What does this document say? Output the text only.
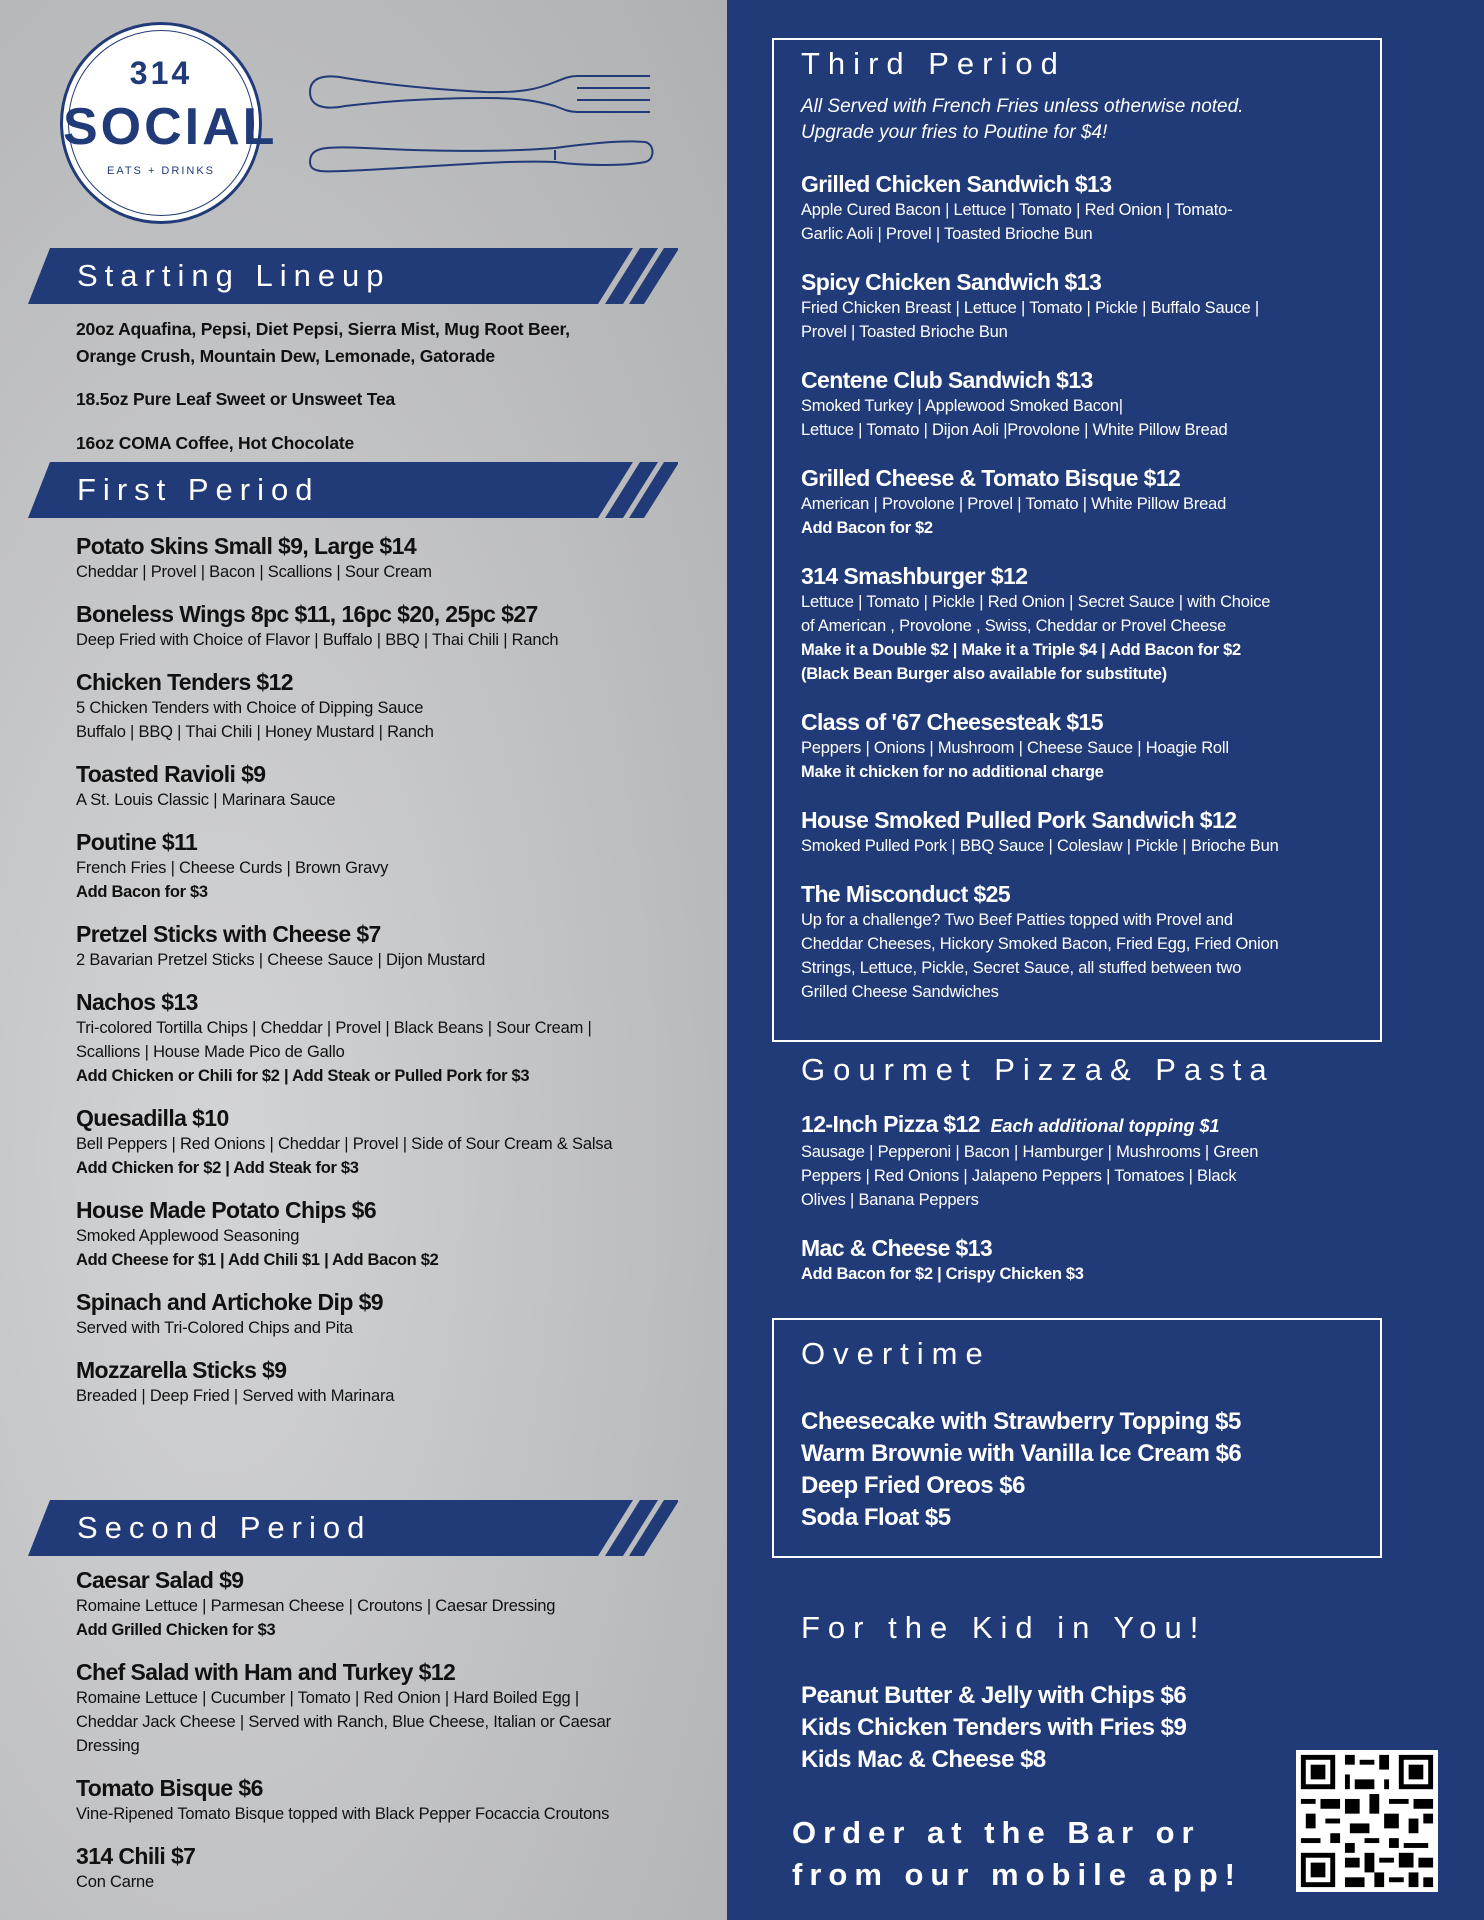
314
SOCIAL
EATS + DRINKS
Starting Lineup
20oz Aquafina, Pepsi, Diet Pepsi, Sierra Mist, Mug Root Beer,
Orange Crush, Mountain Dew, Lemonade, Gatorade
18.5oz Pure Leaf Sweet or Unsweet Tea
16oz COMA Coffee, Hot Chocolate
First Period
Potato Skins Small $9, Large $14
Cheddar | Provel | Bacon | Scallions | Sour Cream
Boneless Wings 8pc $11, 16pc $20, 25pc $27
Deep Fried with Choice of Flavor | Buffalo | BBQ | Thai Chili | Ranch
Chicken Tenders $12
5 Chicken Tenders with Choice of Dipping Sauce
Buffalo | BBQ | Thai Chili | Honey Mustard | Ranch
Toasted Ravioli $9
A St. Louis Classic | Marinara Sauce
Poutine $11
French Fries | Cheese Curds | Brown Gravy
Add Bacon for $3
Pretzel Sticks with Cheese $7
2 Bavarian Pretzel Sticks | Cheese Sauce | Dijon Mustard
Nachos $13
Tri-colored Tortilla Chips | Cheddar | Provel | Black Beans | Sour Cream |
Scallions | House Made Pico de Gallo
Add Chicken or Chili for $2 | Add Steak or Pulled Pork for $3
Quesadilla $10
Bell Peppers | Red Onions | Cheddar | Provel | Side of Sour Cream & Salsa
Add Chicken for $2 | Add Steak for $3
House Made Potato Chips $6
Smoked Applewood Seasoning
Add Cheese for $1 | Add Chili $1 | Add Bacon $2
Spinach and Artichoke Dip $9
Served with Tri-Colored Chips and Pita
Mozzarella Sticks $9
Breaded | Deep Fried | Served with Marinara
Second Period
Caesar Salad $9
Romaine Lettuce | Parmesan Cheese | Croutons | Caesar Dressing
Add Grilled Chicken for $3
Chef Salad with Ham and Turkey $12
Romaine Lettuce | Cucumber | Tomato | Red Onion | Hard Boiled Egg |
Cheddar Jack Cheese | Served with Ranch, Blue Cheese, Italian or Caesar
Dressing
Tomato Bisque $6
Vine-Ripened Tomato Bisque topped with Black Pepper Focaccia Croutons
314 Chili $7
Con Carne
Third Period
All Served with French Fries unless otherwise noted.
Upgrade your fries to Poutine for $4!
Grilled Chicken Sandwich $13
Apple Cured Bacon | Lettuce | Tomato | Red Onion | Tomato-
Garlic Aoli | Provel | Toasted Brioche Bun
Spicy Chicken Sandwich $13
Fried Chicken Breast | Lettuce | Tomato | Pickle | Buffalo Sauce |
Provel | Toasted Brioche Bun
Centene Club Sandwich $13
Smoked Turkey | Applewood Smoked Bacon|
Lettuce | Tomato | Dijon Aoli |Provolone | White Pillow Bread
Grilled Cheese & Tomato Bisque $12
American | Provolone | Provel | Tomato | White Pillow Bread
Add Bacon for $2
314 Smashburger $12
Lettuce | Tomato | Pickle | Red Onion | Secret Sauce | with Choice
of American , Provolone , Swiss, Cheddar or Provel Cheese
Make it a Double $2 | Make it a Triple $4 | Add Bacon for $2
(Black Bean Burger also available for substitute)
Class of '67 Cheesesteak $15
Peppers | Onions | Mushroom | Cheese Sauce | Hoagie Roll
Make it chicken for no additional charge
House Smoked Pulled Pork Sandwich $12
Smoked Pulled Pork | BBQ Sauce | Coleslaw | Pickle | Brioche Bun
The Misconduct $25
Up for a challenge? Two Beef Patties topped with Provel and
Cheddar Cheeses, Hickory Smoked Bacon, Fried Egg, Fried Onion
Strings, Lettuce, Pickle, Secret Sauce, all stuffed between two
Grilled Cheese Sandwiches
Gourmet Pizza& Pasta
12-Inch Pizza $12 Each additional topping $1
Sausage | Pepperoni | Bacon | Hamburger | Mushrooms | Green
Peppers | Red Onions | Jalapeno Peppers | Tomatoes | Black
Olives | Banana Peppers
Mac & Cheese $13
Add Bacon for $2 | Crispy Chicken $3
Overtime
Cheesecake with Strawberry Topping $5
Warm Brownie with Vanilla Ice Cream $6
Deep Fried Oreos $6
Soda Float $5
For the Kid in You!
Peanut Butter & Jelly with Chips $6
Kids Chicken Tenders with Fries $9
Kids Mac & Cheese $8
Order at the Bar or
from our mobile app!
